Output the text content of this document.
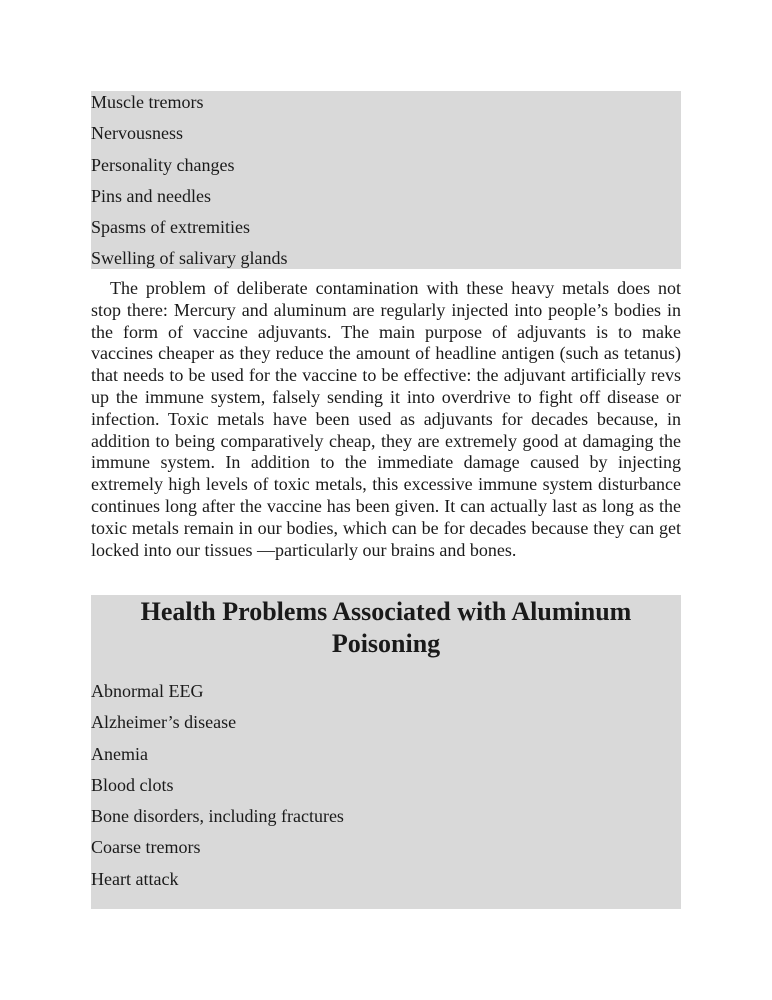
Muscle tremors
Nervousness
Personality changes
Pins and needles
Spasms of extremities
Swelling of salivary glands

The problem of deliberate contamination with these heavy metals does not stop there: Mercury and aluminum are regularly injected into people’s bodies in the form of vaccine adjuvants. The main purpose of adjuvants is to make vaccines cheaper as they reduce the amount of headline antigen (such as tetanus) that needs to be used for the vaccine to be effective: the adjuvant artificially revs up the immune system, falsely sending it into overdrive to fight off disease or infection. Toxic metals have been used as adjuvants for decades because, in addition to being comparatively cheap, they are extremely good at damaging the immune system. In addition to the immediate damage caused by injecting extremely high levels of toxic metals, this excessive immune system disturbance continues long after the vaccine has been given. It can actually last as long as the toxic metals remain in our bodies, which can be for decades because they can get locked into our tissues —particularly our brains and bones.

Health Problems Associated with Aluminum Poisoning
Abnormal EEG
Alzheimer’s disease
Anemia
Blood clots
Bone disorders, including fractures
Coarse tremors
Heart attack
